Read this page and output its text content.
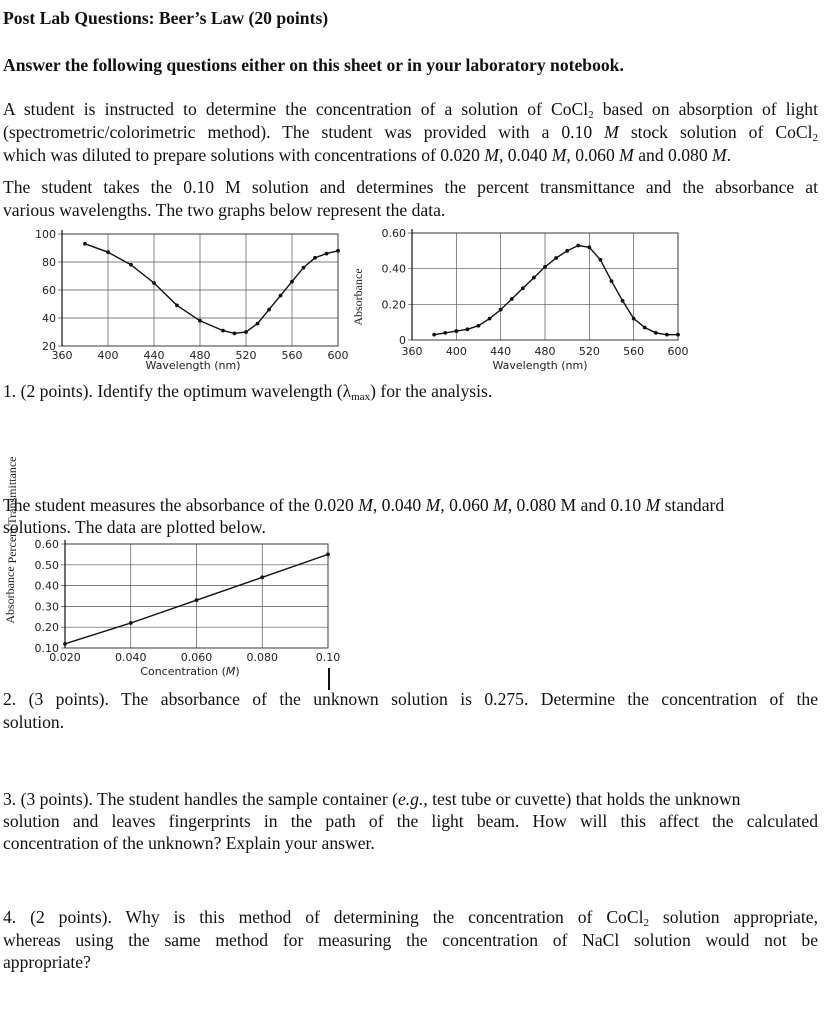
Post Lab Questions: Beer’s Law (20 points)
Answer the following questions either on this sheet or in your laboratory notebook.
A student is instructed to determine the concentration of a solution of CoCl$_2$ based on absorption of light
(spectrometric/colorimetric method). The student was provided with a 0.10 M stock solution of CoCl$_2$
which was diluted to prepare solutions with concentrations of 0.020 M, 0.040 M, 0.060 M and 0.080 M.
The student takes the 0.10 M solution and determines the percent transmittance and the absorbance at
various wavelengths. The two graphs below represent the data.
360 400 440 480 520 560 600
20
40
60
80
100
Percent Transmittance
Wavelength (nm)
360 400 440 480 520 560 600
0
0.20
0.40
0.60
Absorbance
Wavelength (nm)
1. (2 points). Identify the optimum wavelength $(\lambda_{max})$ for the analysis.
The student measures the absorbance of the 0.020 M, 0.040 M, 0.060 M, 0.080 M and 0.10 M standard
solutions. The data are plotted below.
0.020	0.040	0.060	0.080	0.10
0.10
0.20
0.30
0.40
0.50
0.60
Absorbance
Concentration (M)
2. (3 points). The absorbance of the unknown solution is 0.275. Determine the concentration of the
solution.
3. (3 points). The student handles the sample container (e.g., test tube or cuvette) that holds the unknown
solution and leaves fingerprints in the path of the light beam. How will this affect the calculated
concentration of the unknown? Explain your answer.
4. (2 points). Why is this method of determining the concentration of CoCl$_2$ solution appropriate,
whereas using the same method for measuring the concentration of NaCl solution would not be
appropriate?
